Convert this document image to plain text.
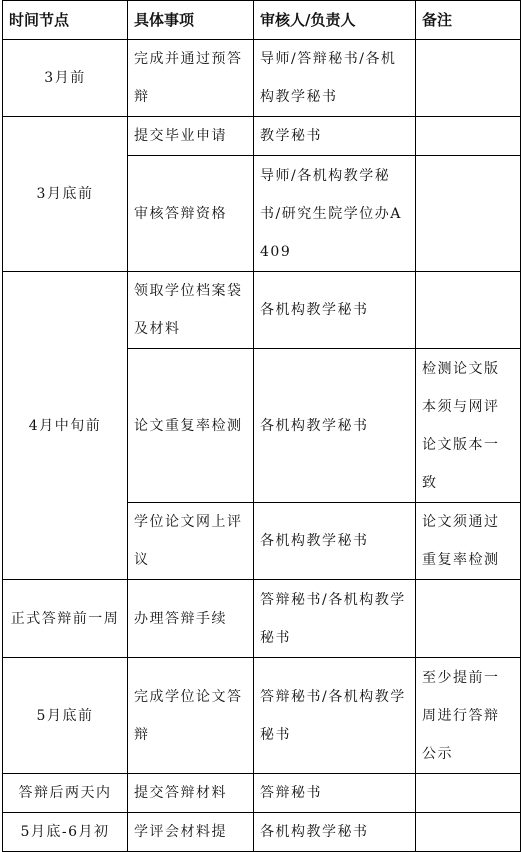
时间节点	具体事项	审核人/负责人	备注
3月前	完成并通过预答辩	导师/答辩秘书/各机构教学秘书	
3月底前	提交毕业申请	教学秘书	
	审核答辩资格	导师/各机构教学秘书/研究生院学位办A409	
4月中旬前	领取学位档案袋及材料	各机构教学秘书	
	论文重复率检测	各机构教学秘书	检测论文版本须与网评论文版本一致
	学位论文网上评议	各机构教学秘书	论文须通过重复率检测
正式答辩前一周	办理答辩手续	答辩秘书/各机构教学秘书	
5月底前	完成学位论文答辩	答辩秘书/各机构教学秘书	至少提前一周进行答辩公示
答辩后两天内	提交答辩材料	答辩秘书	
5月底-6月初	学评会材料提	各机构教学秘书	
